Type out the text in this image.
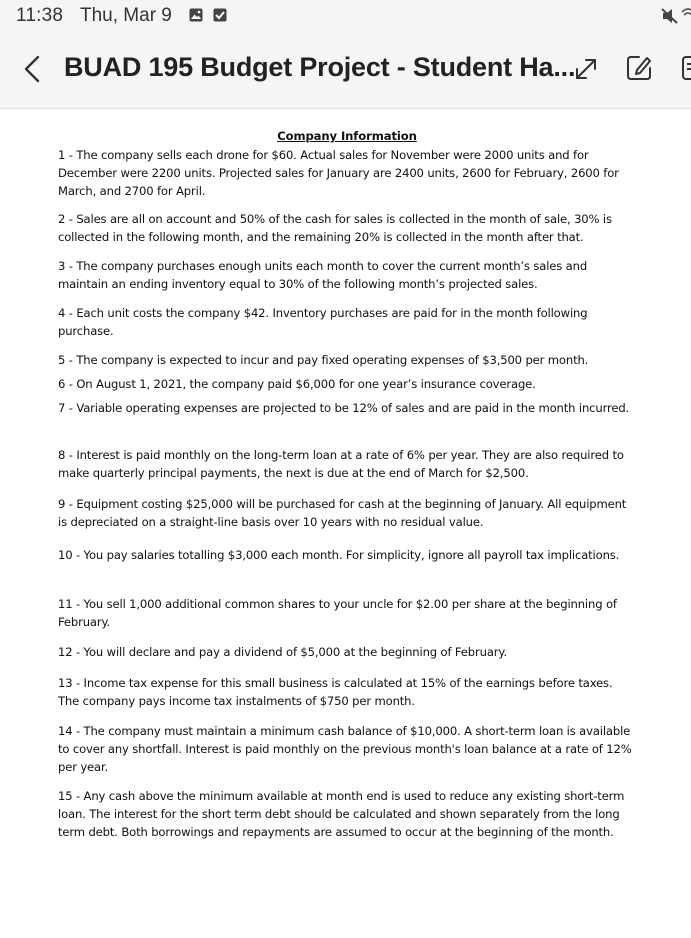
11:38 Thu, Mar 9
BUAD 195 Budget Project - Student Ha...
Company Information

1 - The company sells each drone for $60. Actual sales for November were 2000 units and for December were 2200 units. Projected sales for January are 2400 units, 2600 for February, 2600 for March, and 2700 for April.

2 - Sales are all on account and 50% of the cash for sales is collected in the month of sale, 30% is collected in the following month, and the remaining 20% is collected in the month after that.

3 - The company purchases enough units each month to cover the current month’s sales and maintain an ending inventory equal to 30% of the following month’s projected sales.

4 - Each unit costs the company $42. Inventory purchases are paid for in the month following purchase.

5 - The company is expected to incur and pay fixed operating expenses of $3,500 per month.

6 - On August 1, 2021, the company paid $6,000 for one year’s insurance coverage.

7 - Variable operating expenses are projected to be 12% of sales and are paid in the month incurred.

8 - Interest is paid monthly on the long-term loan at a rate of 6% per year. They are also required to make quarterly principal payments, the next is due at the end of March for $2,500.

9 - Equipment costing $25,000 will be purchased for cash at the beginning of January. All equipment is depreciated on a straight-line basis over 10 years with no residual value.

10 - You pay salaries totalling $3,000 each month. For simplicity, ignore all payroll tax implications.

11 - You sell 1,000 additional common shares to your uncle for $2.00 per share at the beginning of February.

12 - You will declare and pay a dividend of $5,000 at the beginning of February.

13 - Income tax expense for this small business is calculated at 15% of the earnings before taxes. The company pays income tax instalments of $750 per month.

14 - The company must maintain a minimum cash balance of $10,000. A short-term loan is available to cover any shortfall. Interest is paid monthly on the previous month's loan balance at a rate of 12% per year.

15 - Any cash above the minimum available at month end is used to reduce any existing short-term loan. The interest for the short term debt should be calculated and shown separately from the long term debt. Both borrowings and repayments are assumed to occur at the beginning of the month.
